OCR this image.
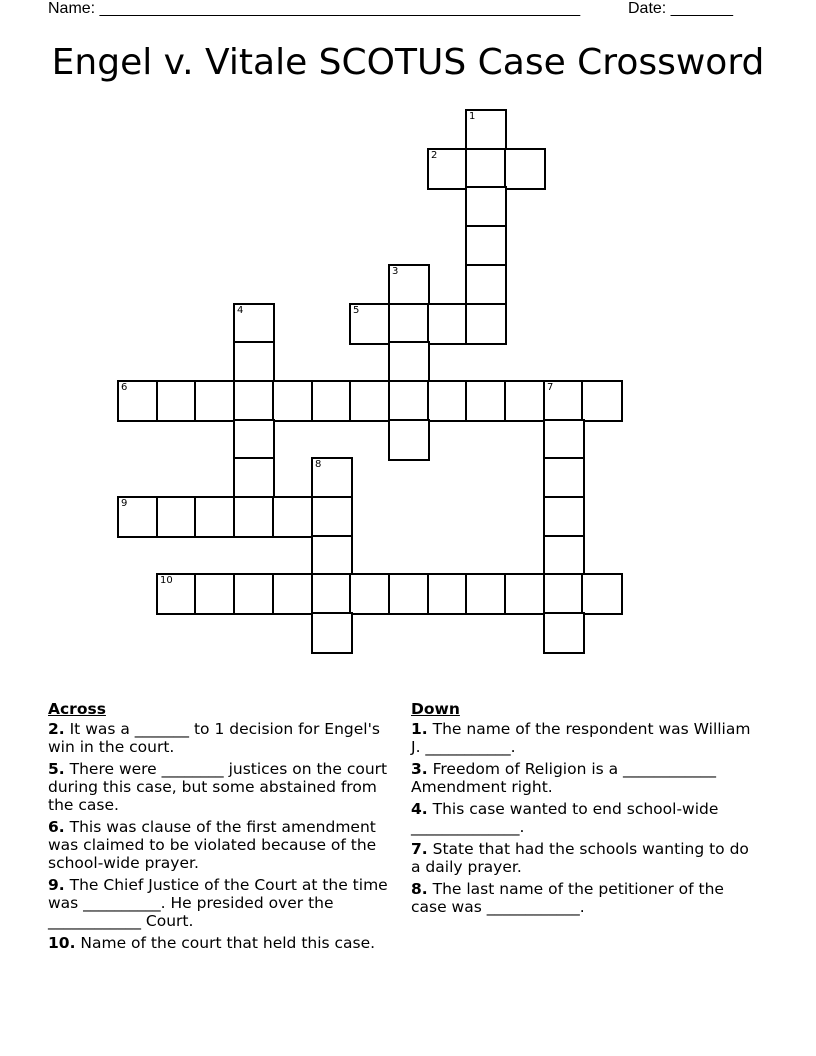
Name: ______________________________________________________

	Date: _______

Engel v. Vitale SCOTUS Case Crossword
1
2
3
4	5
6	7
8
9
10
Across
2. It was a _______ to 1 decision for Engel's win in the court.
5. There were ________ justices on the court during this case, but some abstained from the case.
6. This was clause of the first amendment was claimed to be violated because of the school-wide prayer.
9. The Chief Justice of the Court at the time was __________. He presided over the ____________ Court.
10. Name of the court that held this case.
Down
1. The name of the respondent was William J. ___________.
3. Freedom of Religion is a ____________ Amendment right.
4. This case wanted to end school-wide ______________.
7. State that had the schools wanting to do a daily prayer.
8. The last name of the petitioner of the case was ____________.
